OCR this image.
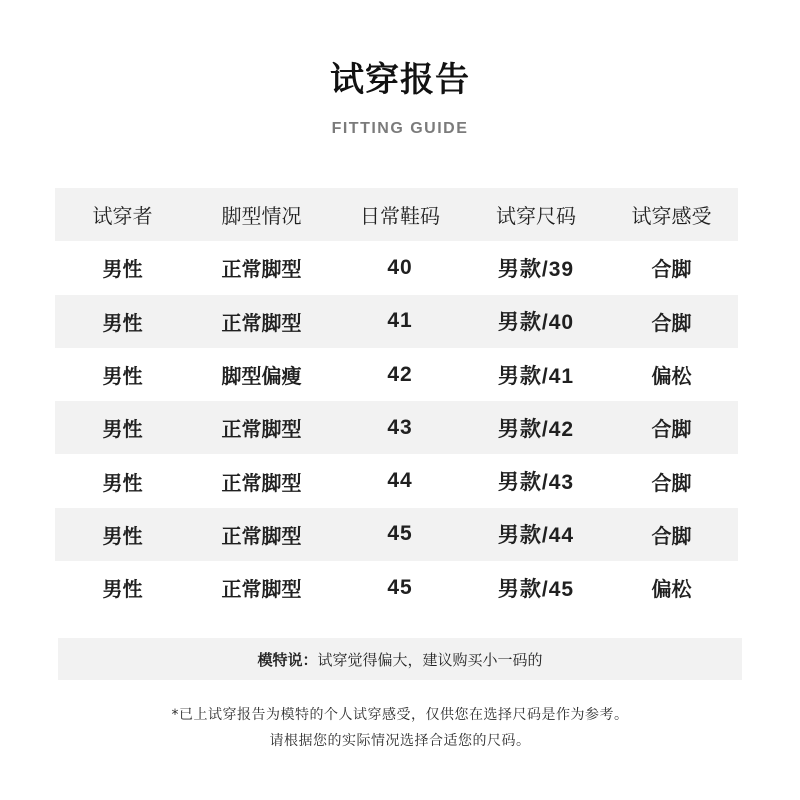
试穿报告
FITTING GUIDE
试穿者	脚型情况	日常鞋码	试穿尺码	试穿感受
男性	正常脚型	40	男款/39	合脚
男性	正常脚型	41	男款/40	合脚
男性	脚型偏瘦	42	男款/41	偏松
男性	正常脚型	43	男款/42	合脚
男性	正常脚型	44	男款/43	合脚
男性	正常脚型	45	男款/44	合脚
男性	正常脚型	45	男款/45	偏松
模特说： 试穿觉得偏大，建议购买小一码的
*已上试穿报告为模特的个人试穿感受，仅供您在选择尺码是作为参考。
请根据您的实际情况选择合适您的尺码。
